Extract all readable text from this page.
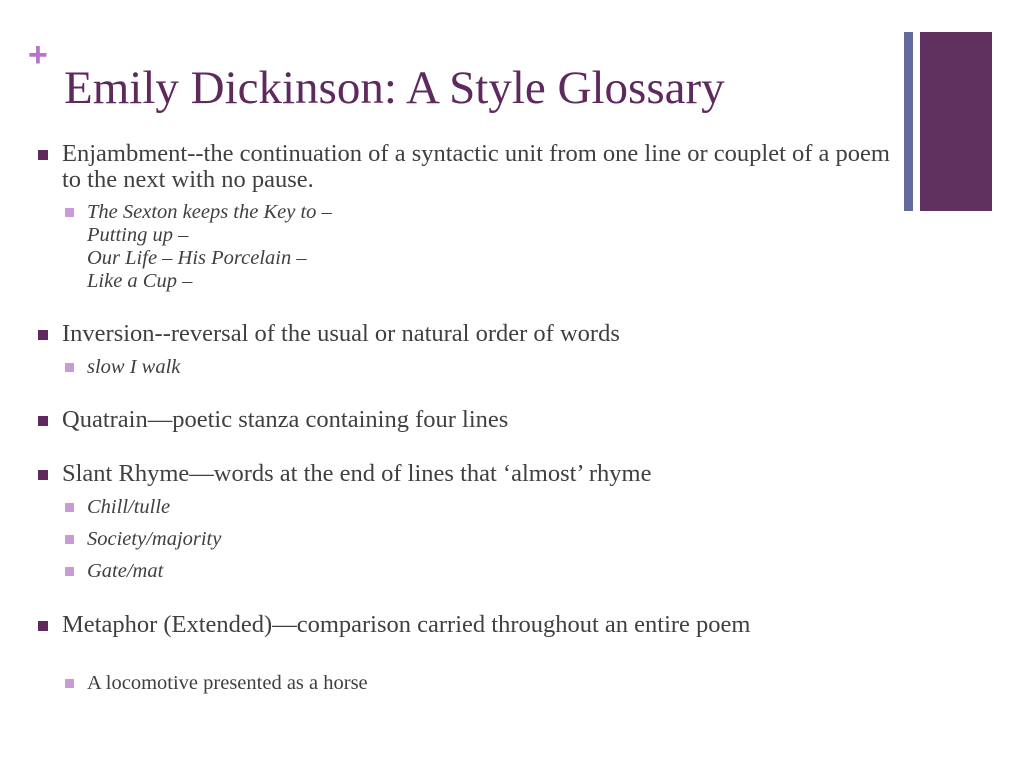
+
Emily Dickinson: A Style Glossary

Enjambment--the continuation of a syntactic unit from one line or couplet of a poem to the next with no pause.

The Sexton keeps the Key to –
Putting up –
Our Life – His Porcelain –
Like a Cup –

Inversion--reversal of the usual or natural order of words

slow I walk

Quatrain—poetic stanza containing four lines

Slant Rhyme—words at the end of lines that ‘almost’ rhyme

Chill/tulle

Society/majority

Gate/mat

Metaphor (Extended)—comparison carried throughout an entire poem

A locomotive presented as a horse
